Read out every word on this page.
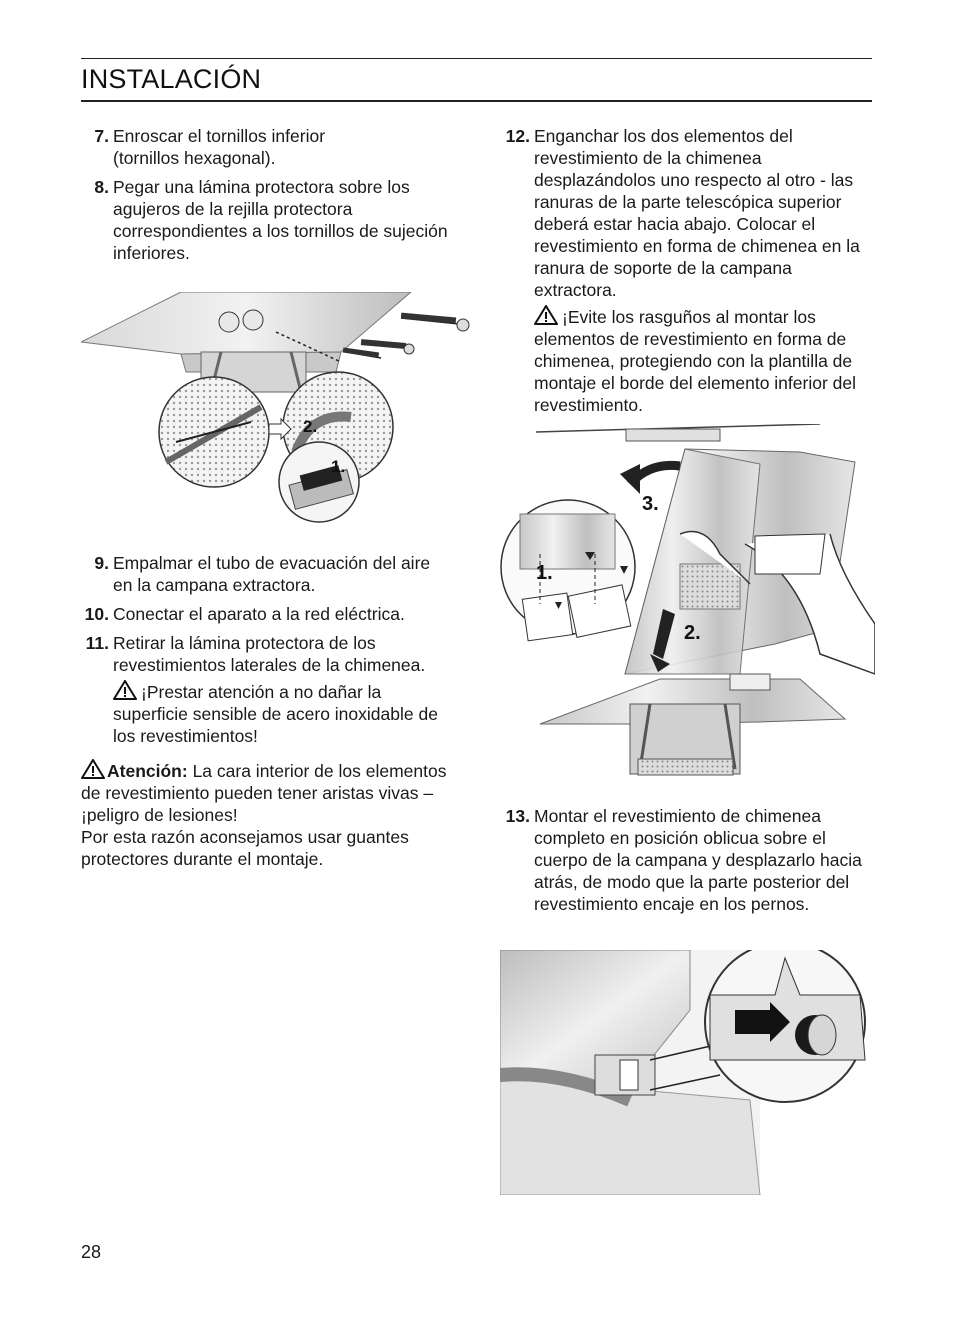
INSTALACIÓN
7. Enroscar el tornillos inferior (tornillos hexagonal).
8. Pegar una lámina protectora sobre los agujeros de la rejilla protectora correspondientes a los tornillos de sujeción inferiores.
2.
1.
9. Empalmar el tubo de evacuación del aire en la campana extractora.
10. Conectar el aparato a la red eléctrica.
11. Retirar la lámina protectora de los revestimientos laterales de la chimenea.
¡Prestar atención a no dañar la superficie sensible de acero inoxidable de los revestimientos!
Atención: La cara interior de los elementos de revestimiento pueden tener aristas vivas – ¡peligro de lesiones!
Por esta razón aconsejamos usar guantes protectores durante el montaje.
12. Enganchar los dos elementos del revestimiento de la chimenea desplazándolos uno respecto al otro - las ranuras de la parte telescópica superior deberá estar hacia abajo. Colocar el revestimiento en forma de chimenea en la ranura de soporte de la campana extractora.
¡Evite los rasguños al montar los elementos de revestimiento en forma de chimenea, protegiendo con la plantilla de montaje el borde del elemento inferior del revestimiento.
3.
1.
2.
13. Montar el revestimiento de chimenea completo en posición oblicua sobre el cuerpo de la campana y desplazarlo hacia atrás, de modo que la parte posterior del revestimiento encaje en los pernos.
28
